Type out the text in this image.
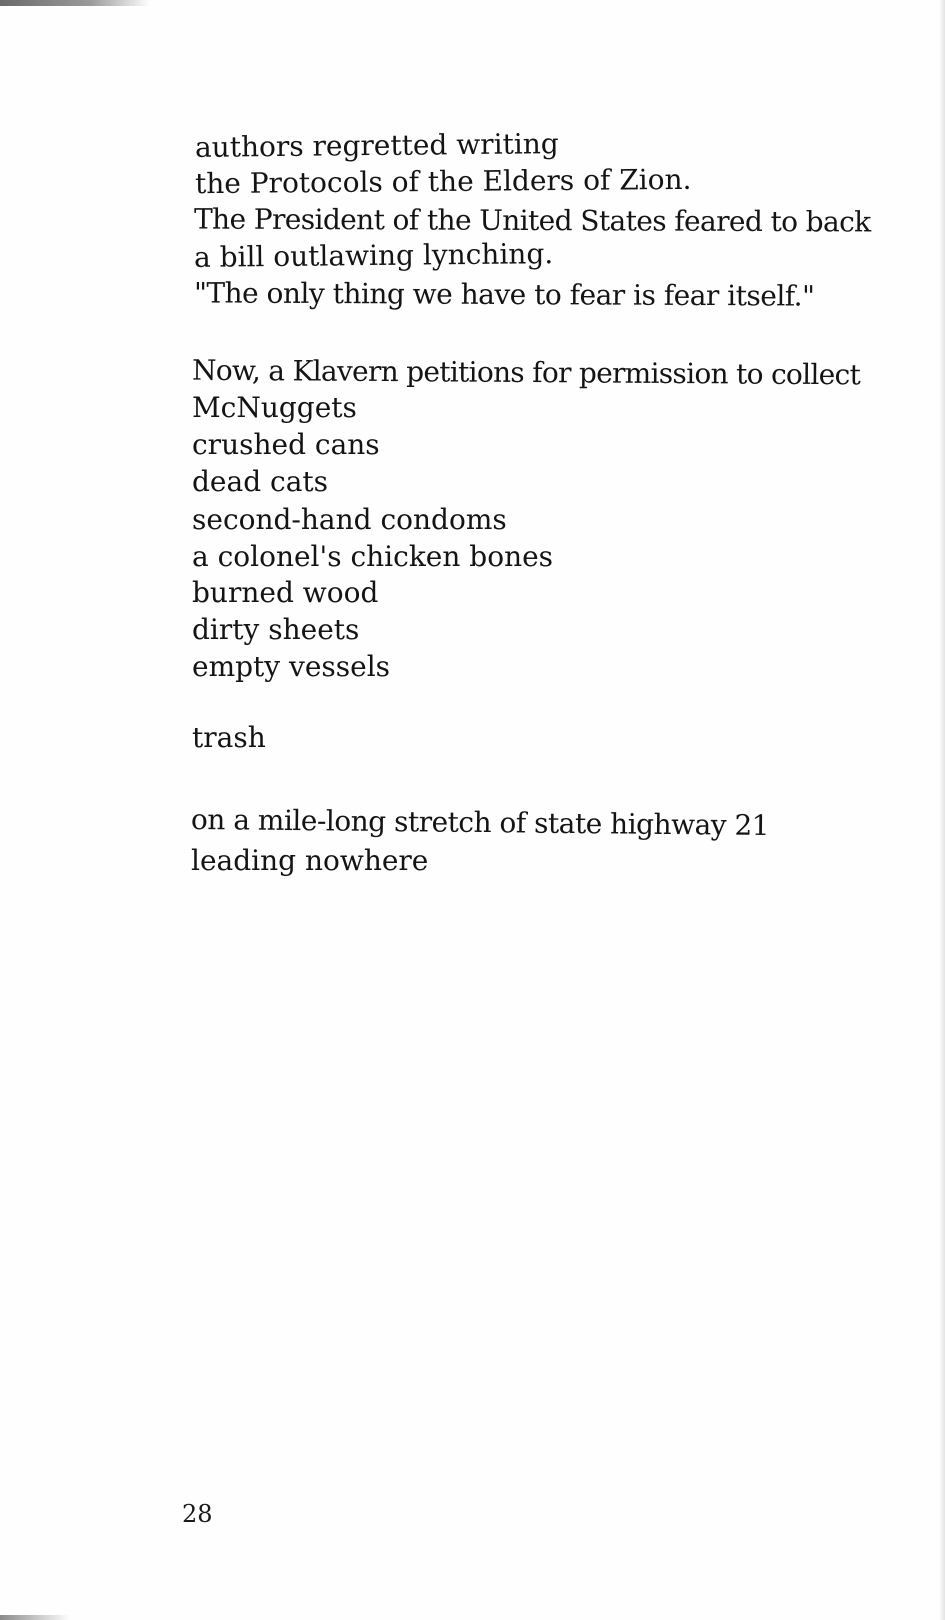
authors regretted writing
the Protocols of the Elders of Zion.
The President of the United States feared to back
a bill outlawing lynching.
"The only thing we have to fear is fear itself."
Now, a Klavern petitions for permission to collect
McNuggets
crushed cans
dead cats
second-hand condoms
a colonel's chicken bones
burned wood
dirty sheets
empty vessels
trash
on a mile-long stretch of state highway 21
leading nowhere
28
